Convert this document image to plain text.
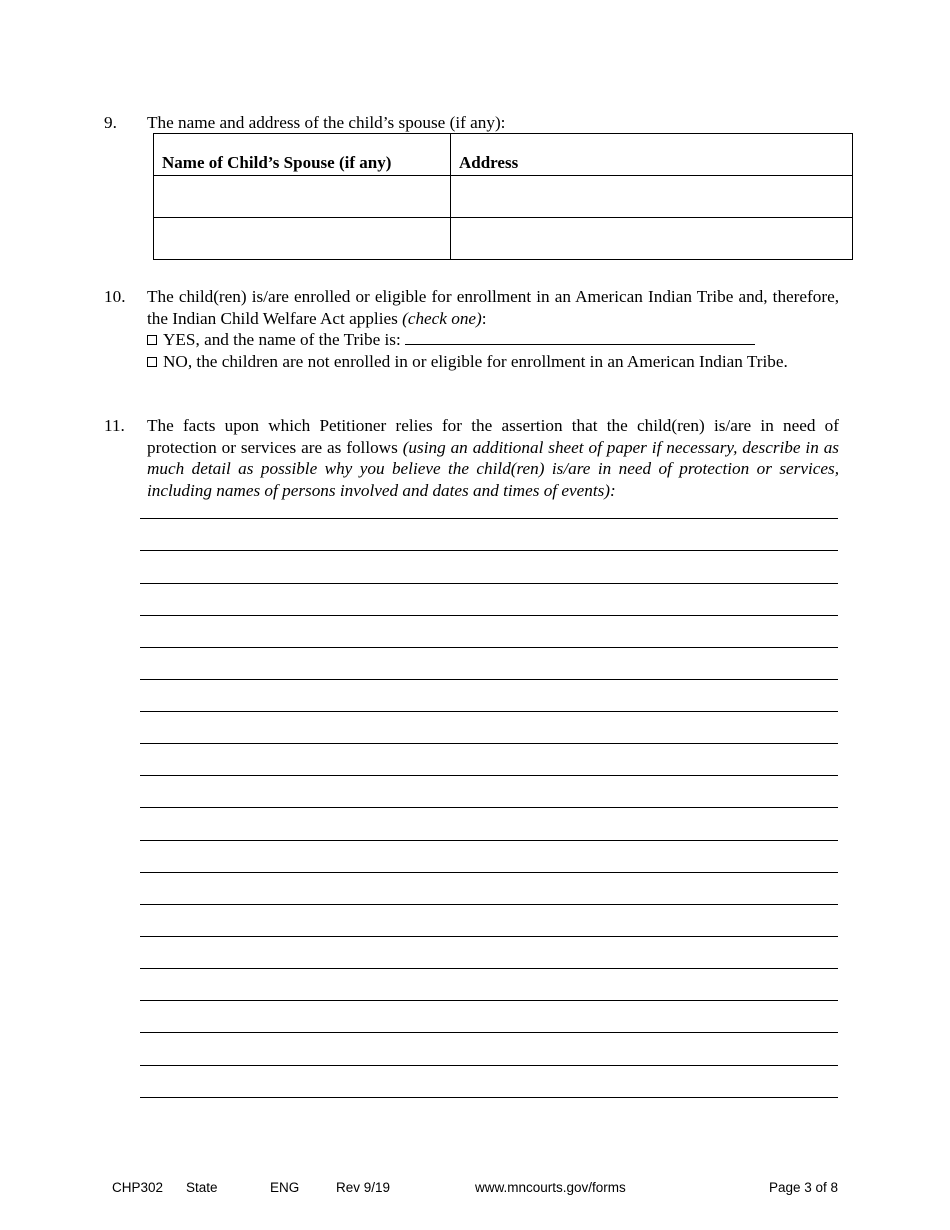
9. The name and address of the child’s spouse (if any):
Name of Child’s Spouse (if any)	Address

10. The child(ren) is/are enrolled or eligible for enrollment in an American Indian Tribe and, therefore, the Indian Child Welfare Act applies (check one):
YES, and the name of the Tribe is:
NO, the children are not enrolled in or eligible for enrollment in an American Indian Tribe.
11. The facts upon which Petitioner relies for the assertion that the child(ren) is/are in need of protection or services are as follows (using an additional sheet of paper if necessary, describe in as much detail as possible why you believe the child(ren) is/are in need of protection or services, including names of persons involved and dates and times of events):
CHP302 State	ENG	Rev 9/19	www.mncourts.gov/forms	Page 3 of 8
